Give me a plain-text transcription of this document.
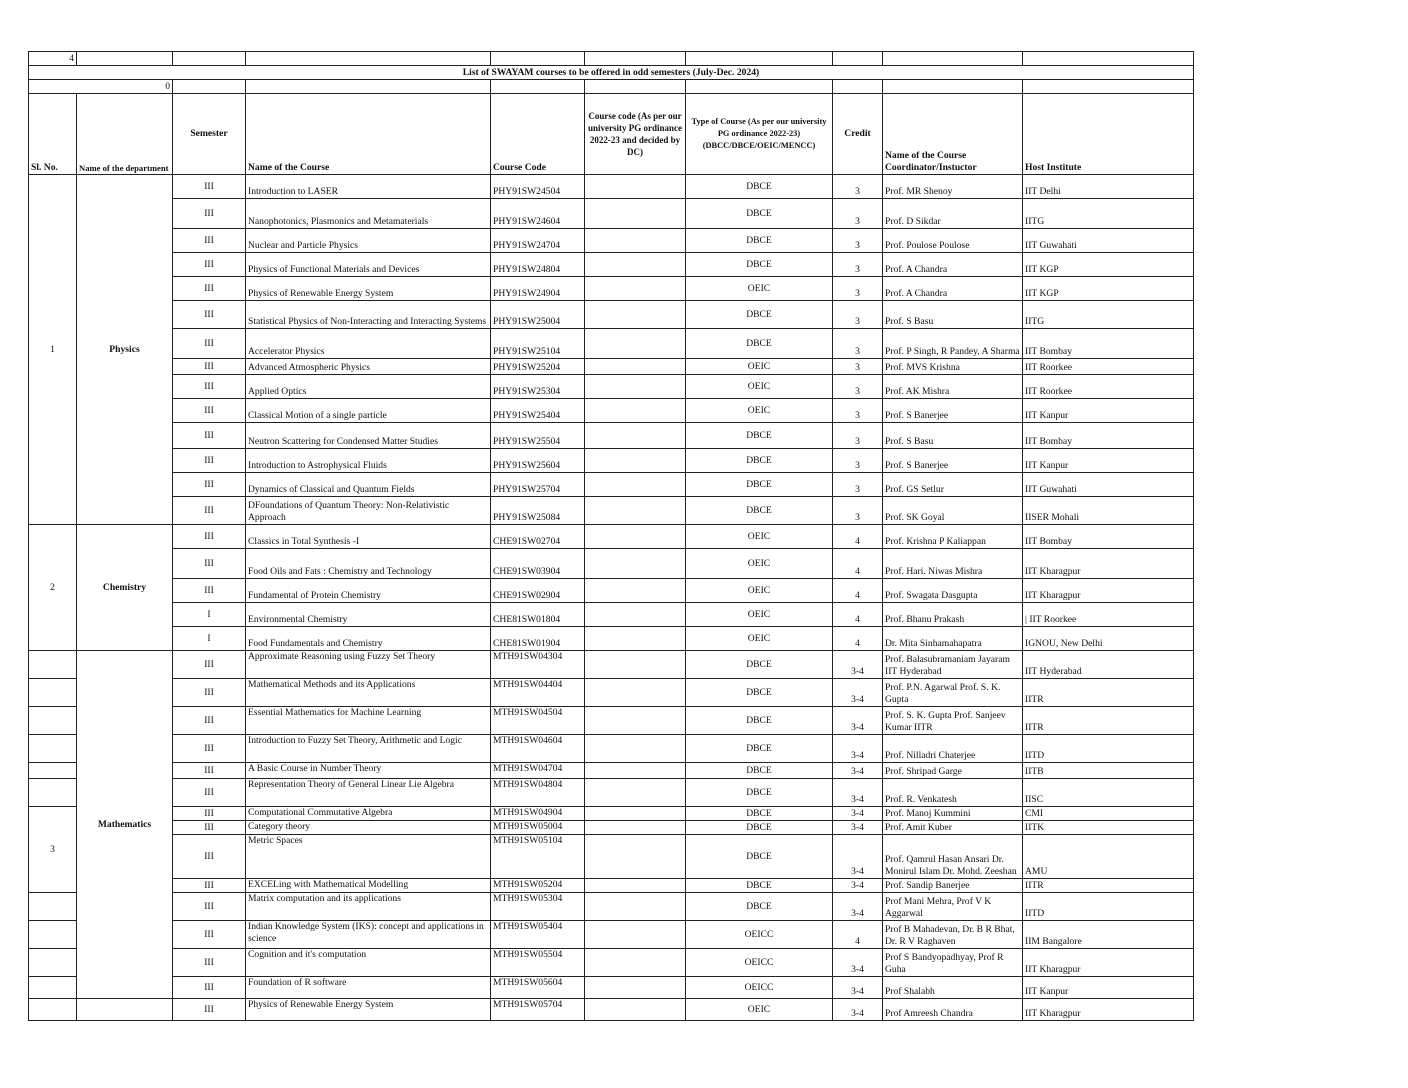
4									
List of SWAYAM courses to be offered in odd semesters (July-Dec. 2024)									
0									
Sl. No.	Name of the department	Semester	Name of the Course	Course Code	Course code (As per our university PG ordinance 2022-23 and decided by DC)	Type of Course (As per our university PG ordinance 2022-23) (DBCC/DBCE/OEIC/MENCC)	Credit	Name of the Course Coordinator/Instuctor	Host Institute
1	Physics	III	Introduction to LASER	PHY91SW24504		DBCE	3	Prof. MR Shenoy	IIT Delhi
		III	Nanophotonics, Plasmonics and Metamaterials	PHY91SW24604		DBCE	3	Prof. D Sikdar	IITG
		III	Nuclear and Particle Physics	PHY91SW24704		DBCE	3	Prof. Poulose Poulose	IIT Guwahati
		III	Physics of Functional Materials and Devices	PHY91SW24804		DBCE	3	Prof. A Chandra	IIT KGP
		III	Physics of Renewable Energy System	PHY91SW24904		OEIC	3	Prof. A Chandra	IIT KGP
		III	Statistical Physics of Non-Interacting and Interacting Systems	PHY91SW25004		DBCE	3	Prof. S Basu	IITG
		III	Accelerator Physics	PHY91SW25104		DBCE	3	Prof. P Singh, R Pandey, A Sharma	IIT Bombay
		III	Advanced Atmospheric Physics	PHY91SW25204		OEIC	3	Prof. MVS Krishna	IIT Roorkee
		III	Applied Optics	PHY91SW25304		OEIC	3	Prof. AK Mishra	IIT Roorkee
		III	Classical Motion of a single particle	PHY91SW25404		OEIC	3	Prof. S Banerjee	IIT Kanpur
		III	Neutron Scattering for Condensed Matter Studies	PHY91SW25504		DBCE	3	Prof. S Basu	IIT Bombay
		III	Introduction to Astrophysical Fluids	PHY91SW25604		DBCE	3	Prof. S Banerjee	IIT Kanpur
		III	Dynamics of Classical and Quantum Fields	PHY91SW25704		DBCE	3	Prof. GS Setlur	IIT Guwahati
		III	DFoundations of Quantum Theory: Non-Relativistic Approach	PHY91SW25084		DBCE	3	Prof. SK Goyal	IISER Mohali
2	Chemistry	III	Classics in Total Synthesis -I	CHE91SW02704		OEIC	4	Prof. Krishna P Kaliappan	IIT Bombay
		III	Food Oils and Fats : Chemistry and Technology	CHE91SW03904		OEIC	4	Prof. Hari. Niwas Mishra	IIT Kharagpur
		III	Fundamental of Protein Chemistry	CHE91SW02904		OEIC	4	Prof. Swagata Dasgupta	IIT Kharagpur
		I	Environmental Chemistry	CHE81SW01804		OEIC	4	Prof. Bhanu Prakash	| IIT Roorkee
		I	Food Fundamentals and Chemistry	CHE81SW01904		OEIC	4	Dr. Mita Sinhamahapatra	IGNOU, New Delhi
	Mathematics	III	Approximate Reasoning using Fuzzy Set Theory	MTH91SW04304		DBCE	3-4	Prof. Balasubramaniam Jayaram IIT Hyderabad	IIT Hyderabad
		III	Mathematical Methods and its Applications	MTH91SW04404		DBCE	3-4	Prof. P.N. Agarwal Prof. S. K. Gupta	IITR
		III	Essential Mathematics for Machine Learning	MTH91SW04504		DBCE	3-4	Prof. S. K. Gupta Prof. Sanjeev Kumar IITR	IITR
		III	Introduction to Fuzzy Set Theory, Arithmetic and Logic	MTH91SW04604		DBCE	3-4	Prof. Nilladri Chaterjee	IITD
		III	A Basic Course in Number Theory	MTH91SW04704		DBCE	3-4	Prof. Shripad Garge	IITB
		III	Representation Theory of General Linear Lie Algebra	MTH91SW04804		DBCE	3-4	Prof. R. Venkatesh	IISC
3		III	Computational Commutative Algebra	MTH91SW04904		DBCE	3-4	Prof. Manoj Kummini	CMI
		III	Category theory	MTH91SW05004		DBCE	3-4	Prof. Amit Kuber	IITK
		III	Metric Spaces	MTH91SW05104		DBCE	3-4	Prof. Qamrul Hasan Ansari Dr. Monirul Islam Dr. Mohd. Zeeshan	AMU
		III	EXCELing with Mathematical Modelling	MTH91SW05204		DBCE	3-4	Prof. Sandip Banerjee	IITR
		III	Matrix computation and its applications	MTH91SW05304		DBCE	3-4	Prof Mani Mehra, Prof V K Aggarwal	IITD
		III	Indian Knowledge System (IKS): concept and applications in science	MTH91SW05404		OEICC	4	Prof B Mahadevan, Dr. B R Bhat, Dr. R V Raghaven	IIM Bangalore
		III	Cognition and it's computation	MTH91SW05504		OEICC	3-4	Prof S Bandyopadhyay, Prof R Guha	IIT Kharagpur
		III	Foundation of R software	MTH91SW05604		OEICC	3-4	Prof Shalabh	IIT Kanpur
		III	Physics of Renewable Energy System	MTH91SW05704		OEIC	3-4	Prof Amreesh Chandra	IIT Kharagpur
